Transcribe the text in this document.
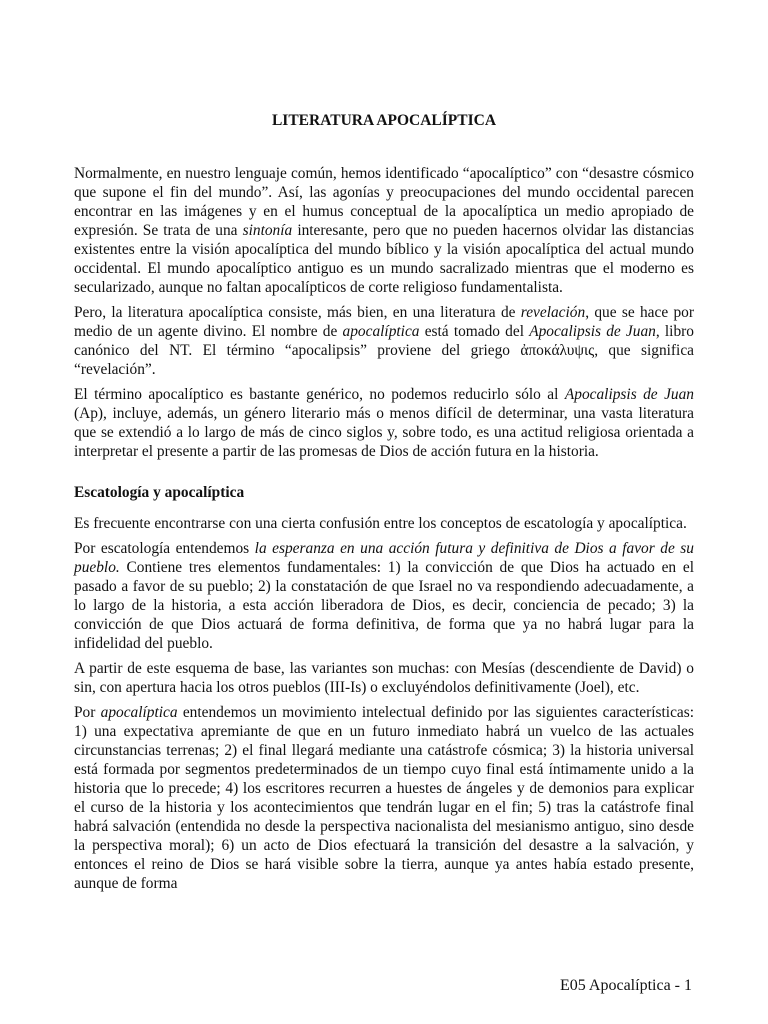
LITERATURA APOCALÍPTICA

Normalmente, en nuestro lenguaje común, hemos identificado “apocalíptico” con “desastre cósmico que supone el fin del mundo”. Así, las agonías y preocupaciones del mundo occidental parecen encontrar en las imágenes y en el humus conceptual de la apocalíptica un medio apropiado de expresión. Se trata de una sintonía interesante, pero que no pueden hacernos olvidar las distancias existentes entre la visión apocalíptica del mundo bíblico y la visión apocalíptica del actual mundo occidental. El mundo apocalíptico antiguo es un mundo sacralizado mientras que el moderno es secularizado, aunque no faltan apocalípticos de corte religioso fundamentalista.

Pero, la literatura apocalíptica consiste, más bien, en una literatura de revelación, que se hace por medio de un agente divino. El nombre de apocalíptica está tomado del Apocalipsis de Juan, libro canónico del NT. El término “apocalipsis” proviene del griego ἀποκάλυψις, que significa “revelación”.

El término apocalíptico es bastante genérico, no podemos reducirlo sólo al Apocalipsis de Juan (Ap), incluye, además, un género literario más o menos difícil de determinar, una vasta literatura que se extendió a lo largo de más de cinco siglos y, sobre todo, es una actitud religiosa orientada a interpretar el presente a partir de las promesas de Dios de acción futura en la historia.

Escatología y apocalíptica

Es frecuente encontrarse con una cierta confusión entre los conceptos de escatología y apocalíptica.

Por escatología entendemos la esperanza en una acción futura y definitiva de Dios a favor de su pueblo. Contiene tres elementos fundamentales: 1) la convicción de que Dios ha actuado en el pasado a favor de su pueblo; 2) la constatación de que Israel no va respondiendo adecuadamente, a lo largo de la historia, a esta acción liberadora de Dios, es decir, conciencia de pecado; 3) la convicción de que Dios actuará de forma definitiva, de forma que ya no habrá lugar para la infidelidad del pueblo.

A partir de este esquema de base, las variantes son muchas: con Mesías (descendiente de David) o sin, con apertura hacia los otros pueblos (III-Is) o excluyéndolos definitivamente (Joel), etc.

Por apocalíptica entendemos un movimiento intelectual definido por las siguientes características: 1) una expectativa apremiante de que en un futuro inmediato habrá un vuelco de las actuales circunstancias terrenas; 2) el final llegará mediante una catástrofe cósmica; 3) la historia universal está formada por segmentos predeterminados de un tiempo cuyo final está íntimamente unido a la historia que lo precede; 4) los escritores recurren a huestes de ángeles y de demonios para explicar el curso de la historia y los acontecimientos que tendrán lugar en el fin; 5) tras la catástrofe final habrá salvación (entendida no desde la perspectiva nacionalista del mesianismo antiguo, sino desde la perspectiva moral); 6) un acto de Dios efectuará la transición del desastre a la salvación, y entonces el reino de Dios se hará visible sobre la tierra, aunque ya antes había estado presente, aunque de forma

E05 Apocalíptica - 1
